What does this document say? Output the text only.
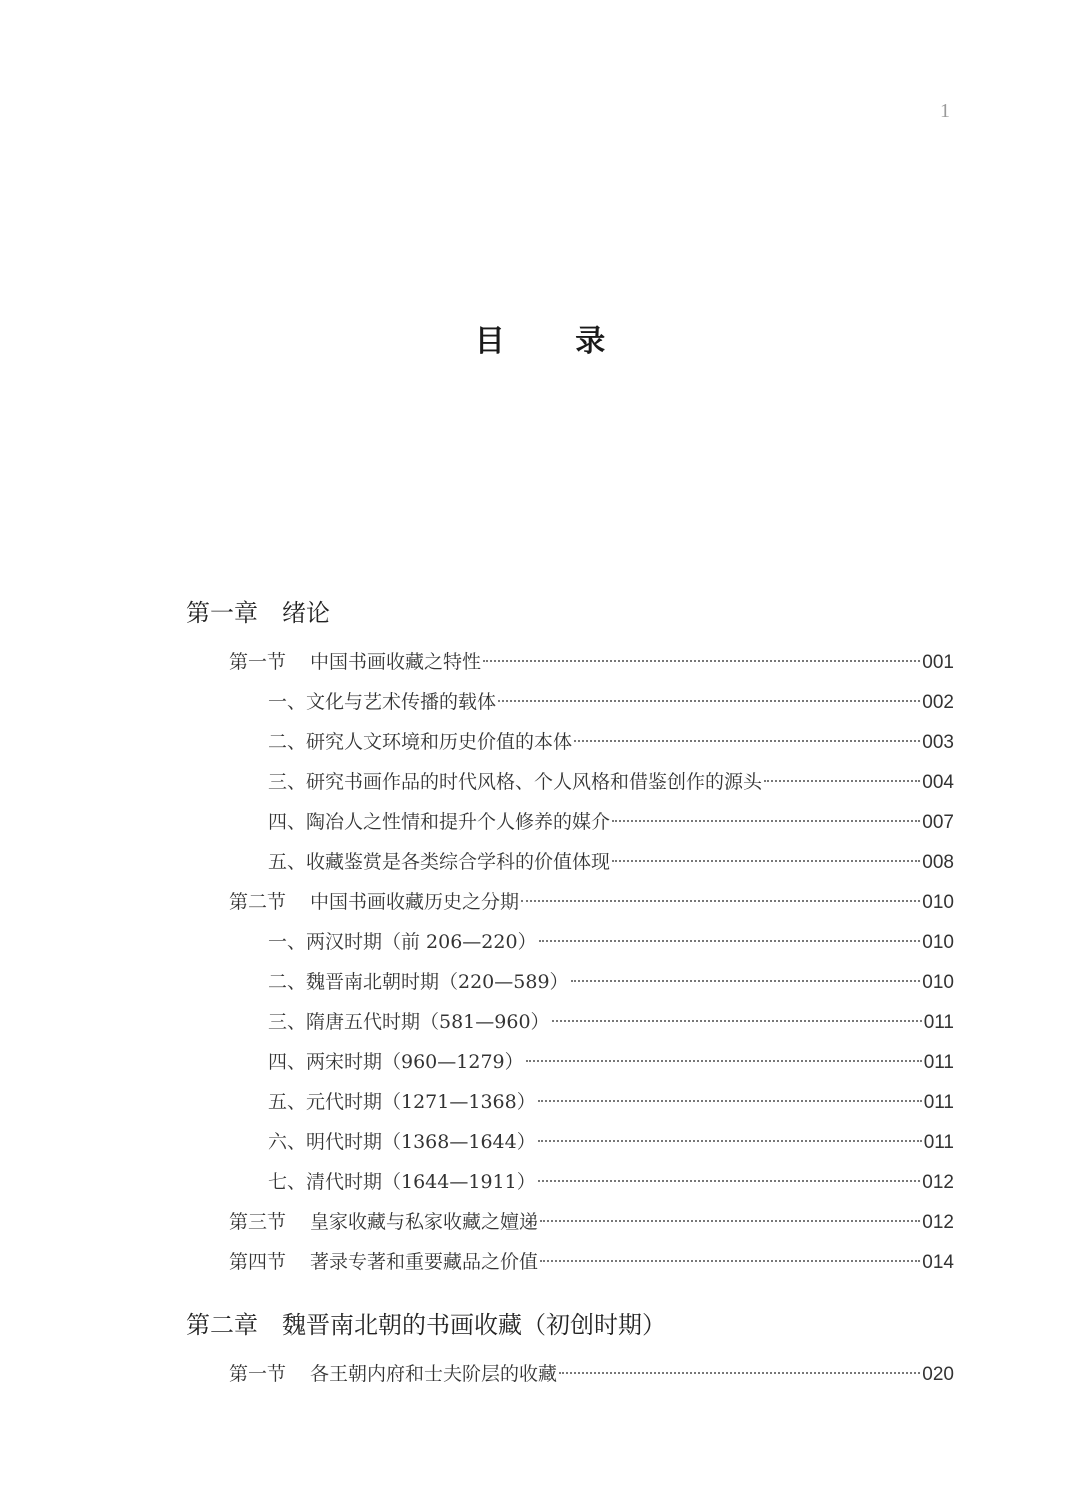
1
目 录
第一章 绪论
第一节 中国书画收藏之特性	001
一、文化与艺术传播的载体	002
二、研究人文环境和历史价值的本体	003
三、研究书画作品的时代风格、个人风格和借鉴创作的源头	004
四、陶冶人之性情和提升个人修养的媒介	007
五、收藏鉴赏是各类综合学科的价值体现	008
第二节 中国书画收藏历史之分期	010
一、两汉时期（前 206—220）	010
二、魏晋南北朝时期（220—589）	010
三、隋唐五代时期（581—960）	011
四、两宋时期（960—1279）	011
五、元代时期（1271—1368）	011
六、明代时期（1368—1644）	011
七、清代时期（1644—1911）	012
第三节 皇家收藏与私家收藏之嬗递	012
第四节 著录专著和重要藏品之价值	014
第二章 魏晋南北朝的书画收藏（初创时期）
第一节 各王朝内府和士夫阶层的收藏	020
